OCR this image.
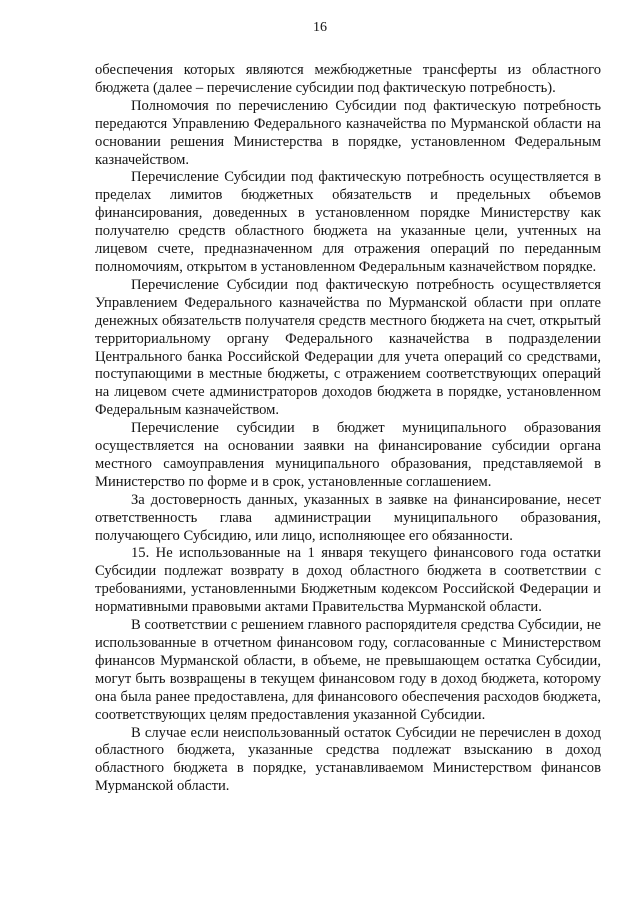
16

обеспечения которых являются межбюджетные трансферты из областного бюджета (далее – перечисление субсидии под фактическую потребность).

Полномочия по перечислению Субсидии под фактическую потребность передаются Управлению Федерального казначейства по Мурманской области на основании решения Министерства в порядке, установленном Федеральным казначейством.

Перечисление Субсидии под фактическую потребность осуществляется в пределах лимитов бюджетных обязательств и предельных объемов финансирования, доведенных в установленном порядке Министерству как получателю средств областного бюджета на указанные цели, учтенных на лицевом счете, предназначенном для отражения операций по переданным полномочиям, открытом в установленном Федеральным казначейством порядке.

Перечисление Субсидии под фактическую потребность осуществляется Управлением Федерального казначейства по Мурманской области при оплате денежных обязательств получателя средств местного бюджета на счет, открытый территориальному органу Федерального казначейства в подразделении Центрального банка Российской Федерации для учета операций со средствами, поступающими в местные бюджеты, с отражением соответствующих операций на лицевом счете администраторов доходов бюджета в порядке, установленном Федеральным казначейством.

Перечисление субсидии в бюджет муниципального образования осуществляется на основании заявки на финансирование субсидии органа местного самоуправления муниципального образования, представляемой в Министерство по форме и в срок, установленные соглашением.

За достоверность данных, указанных в заявке на финансирование, несет ответственность глава администрации муниципального образования, получающего Субсидию, или лицо, исполняющее его обязанности.

15. Не использованные на 1 января текущего финансового года остатки Субсидии подлежат возврату в доход областного бюджета в соответствии с требованиями, установленными Бюджетным кодексом Российской Федерации и нормативными правовыми актами Правительства Мурманской области.

В соответствии с решением главного распорядителя средства Субсидии, не использованные в отчетном финансовом году, согласованные с Министерством финансов Мурманской области, в объеме, не превышающем остатка Субсидии, могут быть возвращены в текущем финансовом году в доход бюджета, которому она была ранее предоставлена, для финансового обеспечения расходов бюджета, соответствующих целям предоставления указанной Субсидии.

В случае если неиспользованный остаток Субсидии не перечислен в доход областного бюджета, указанные средства подлежат взысканию в доход областного бюджета в порядке, устанавливаемом Министерством финансов Мурманской области.
